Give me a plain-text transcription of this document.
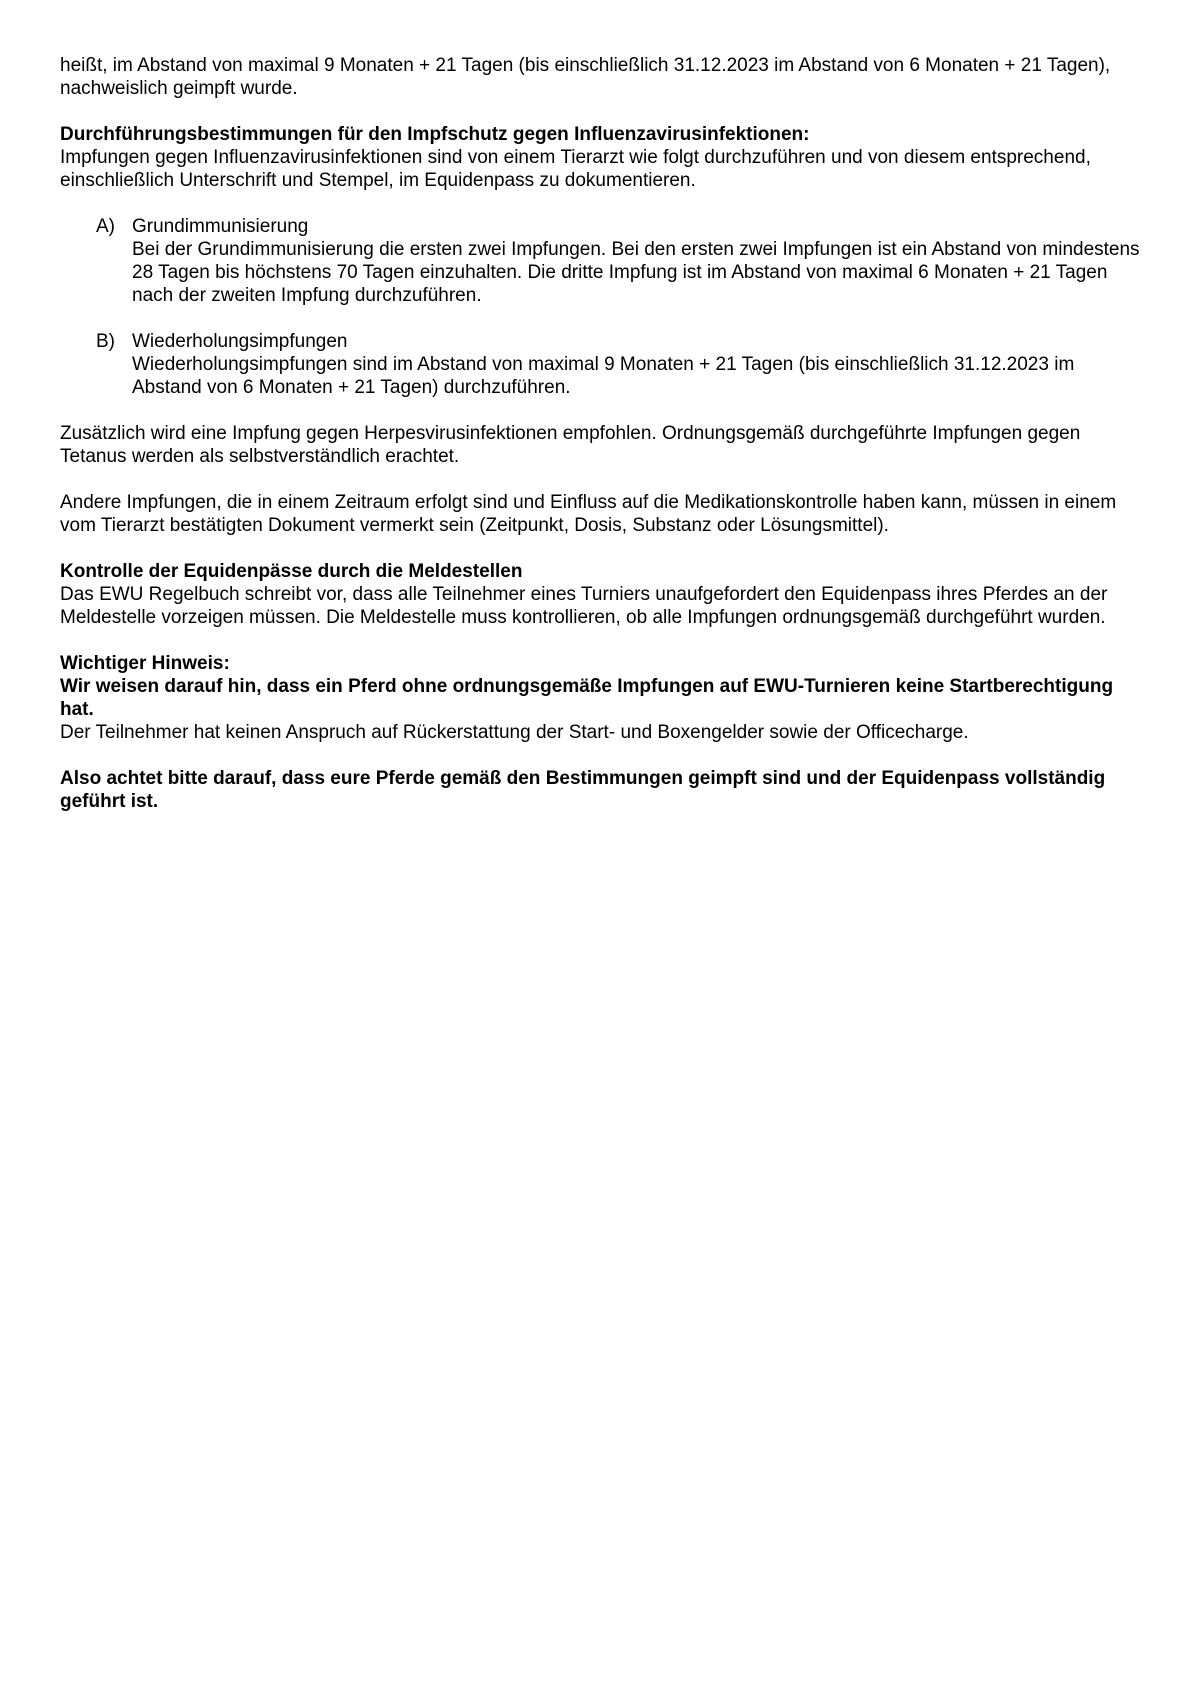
heißt, im Abstand von maximal 9 Monaten + 21 Tagen (bis einschließlich 31.12.2023 im Abstand von 6 Monaten + 21 Tagen), nachweislich geimpft wurde.

Durchführungsbestimmungen für den Impfschutz gegen Influenzavirusinfektionen:

Impfungen gegen Influenzavirusinfektionen sind von einem Tierarzt wie folgt durchzuführen und von diesem entsprechend, einschließlich Unterschrift und Stempel, im Equidenpass zu dokumentieren.

A) Grundimmunisierung

Bei der Grundimmunisierung die ersten zwei Impfungen. Bei den ersten zwei Impfungen ist ein Abstand von mindestens 28 Tagen bis höchstens 70 Tagen einzuhalten. Die dritte Impfung ist im Abstand von maximal 6 Monaten + 21 Tagen nach der zweiten Impfung durchzuführen.

B) Wiederholungsimpfungen

Wiederholungsimpfungen sind im Abstand von maximal 9 Monaten + 21 Tagen (bis einschließlich 31.12.2023 im Abstand von 6 Monaten + 21 Tagen) durchzuführen.

Zusätzlich wird eine Impfung gegen Herpesvirusinfektionen empfohlen. Ordnungsgemäß durchgeführte Impfungen gegen Tetanus werden als selbstverständlich erachtet.

Andere Impfungen, die in einem Zeitraum erfolgt sind und Einfluss auf die Medikationskontrolle haben kann, müssen in einem vom Tierarzt bestätigten Dokument vermerkt sein (Zeitpunkt, Dosis, Substanz oder Lösungsmittel).

Kontrolle der Equidenpässe durch die Meldestellen

Das EWU Regelbuch schreibt vor, dass alle Teilnehmer eines Turniers unaufgefordert den Equidenpass ihres Pferdes an der Meldestelle vorzeigen müssen. Die Meldestelle muss kontrollieren, ob alle Impfungen ordnungsgemäß durchgeführt wurden.

Wichtiger Hinweis:

Wir weisen darauf hin, dass ein Pferd ohne ordnungsgemäße Impfungen auf EWU-Turnieren keine Startberechtigung hat.

Der Teilnehmer hat keinen Anspruch auf Rückerstattung der Start- und Boxengelder sowie der Officecharge.

Also achtet bitte darauf, dass eure Pferde gemäß den Bestimmungen geimpft sind und der Equidenpass vollständig geführt ist.
